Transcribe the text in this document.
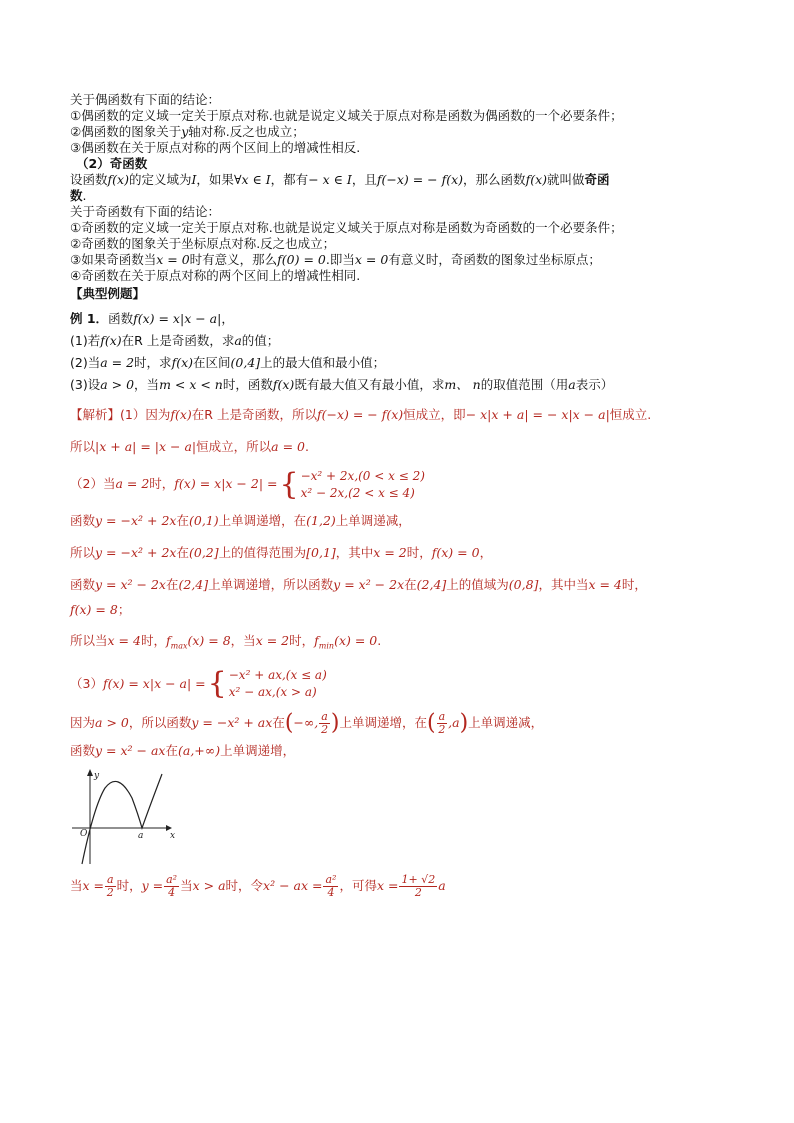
关于偶函数有下面的结论：

①偶函数的定义域一定关于原点对称.也就是说定义域关于原点对称是函数为偶函数的一个必要条件；

②偶函数的图象关于y轴对称.反之也成立；

③偶函数在关于原点对称的两个区间上的增减性相反.

（2）奇函数

设函数f(x)的定义域为I，如果∀x ∈ I，都有− x ∈ I，且f(−x) = − f(x)，那么函数f(x)就叫做奇函

数.

关于奇函数有下面的结论：

①奇函数的定义域一定关于原点对称.也就是说定义域关于原点对称是函数为奇函数的一个必要条件；

②奇函数的图象关于坐标原点对称.反之也成立；

③如果奇函数当x = 0时有意义，那么f(0) = 0.即当x = 0有意义时，奇函数的图象过坐标原点；

④奇函数在关于原点对称的两个区间上的增减性相同.

【典型例题】

例 1．函数f(x) = x|x − a|，

(1)若f(x)在R 上是奇函数，求a的值；

(2)当a = 2时，求f(x)在区间(0,4]上的最大值和最小值；

(3)设a > 0，当m < x < n时，函数f(x)既有最大值又有最小值，求m、 n的取值范围（用a表示）

【解析】(1）因为f(x)在R 上是奇函数，所以f(−x) = − f(x)恒成立，即− x|x + a| = − x|x − a|恒成立.

所以|x + a| = |x − a|恒成立，所以a = 0.

（2）当a = 2时，f(x) = x|x − 2| = { −x² + 2x,(0 < x ≤ 2)
x² − 2x,(2 < x ≤ 4)

函数y = −x² + 2x在(0,1)上单调递增，在(1,2)上单调递减，

所以y = −x² + 2x在(0,2]上的值得范围为[0,1]，其中x = 2时，f(x) = 0，

函数y = x² − 2x在(2,4]上单调递增，所以函数y = x² − 2x在(2,4]上的值域为(0,8]，其中当x = 4时，

f(x) = 8；

所以当x = 4时，$f_{max}(x) = 8$，当x = 2时，$f_{min}(x) = 0$.

（3）f(x) = x|x − a| = { −x² + ax,(x ≤ a)
x² − ax,(x > a)

因为a > 0，所以函数y = −x² + ax在(−∞, $\frac{a}{2}$ )上单调递增，在( $\frac{a}{2} ,a$)上单调递减，

函数y = x² − ax在(a,+∞)上单调递增，

y
x
O	a

当$x = \frac{a}{2}$ 时，$y = \frac{\text{a²}}{4}$ 当x > a时，令x² − ax = $\frac{\text{a²}}{4}$ ，可得$x = \frac{1+ √2}{2}$ a
